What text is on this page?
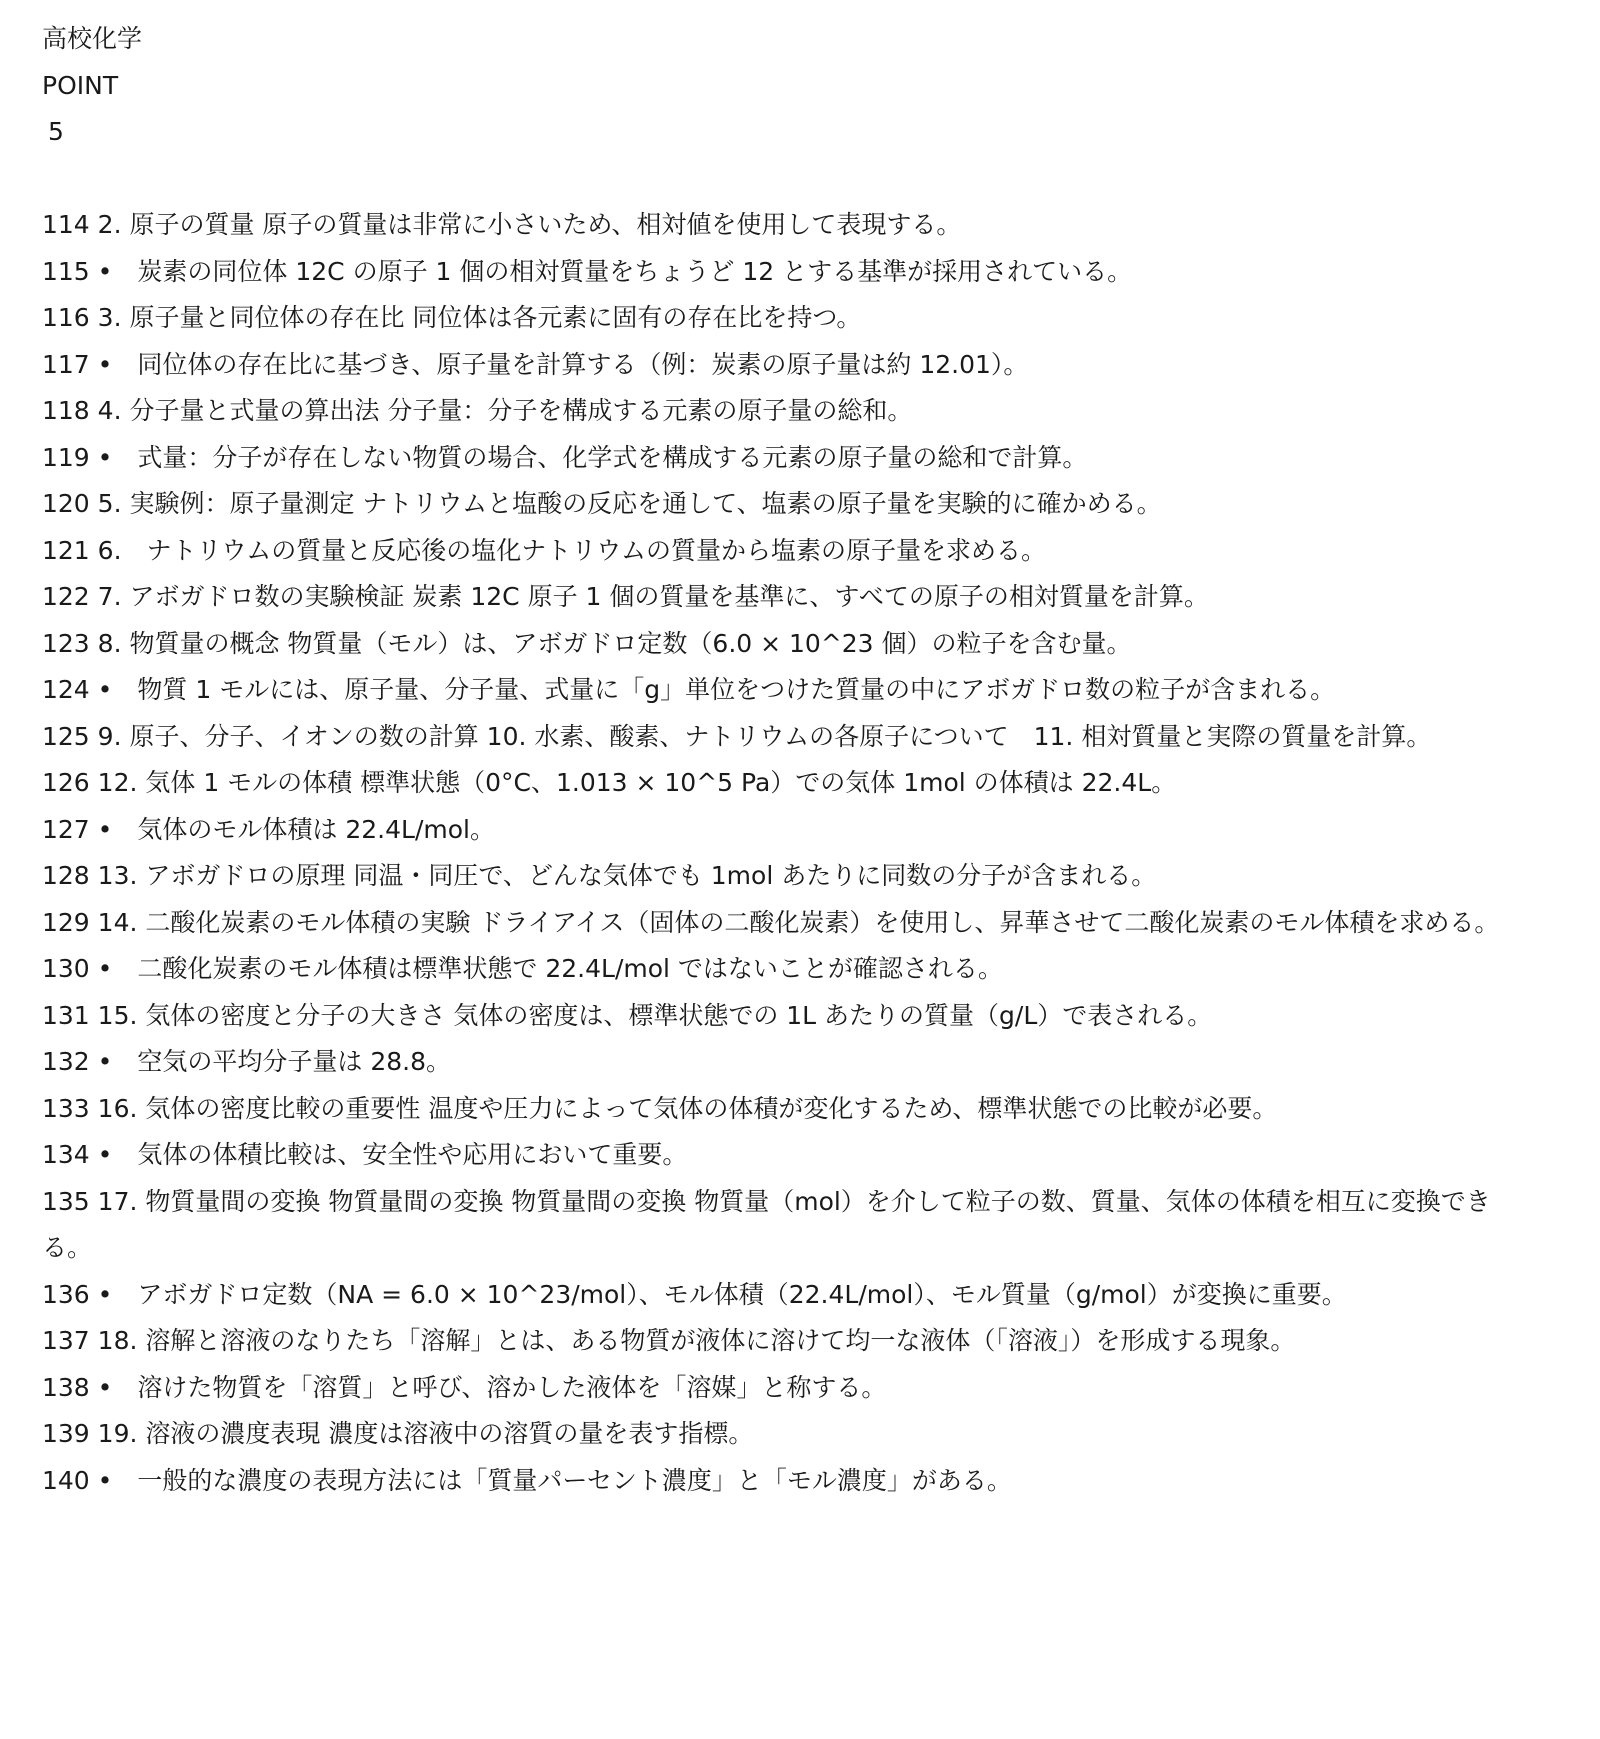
高校化学
POINT
5
114 2. 原子の質量 原子の質量は非常に小さいため、相対値を使用して表現する。
115 •　炭素の同位体 12C の原子 1 個の相対質量をちょうど 12 とする基準が採用されている。
116 3. 原子量と同位体の存在比 同位体は各元素に固有の存在比を持つ。
117 •　同位体の存在比に基づき、原子量を計算する（例：炭素の原子量は約 12.01）。
118 4. 分子量と式量の算出法 分子量：分子を構成する元素の原子量の総和。
119 •　式量：分子が存在しない物質の場合、化学式を構成する元素の原子量の総和で計算。
120 5. 実験例：原子量測定 ナトリウムと塩酸の反応を通して、塩素の原子量を実験的に確かめる。
121 6.　ナトリウムの質量と反応後の塩化ナトリウムの質量から塩素の原子量を求める。
122 7. アボガドロ数の実験検証 炭素 12C 原子 1 個の質量を基準に、すべての原子の相対質量を計算。
123 8. 物質量の概念 物質量（モル）は、アボガドロ定数（6.0 × 10^23 個）の粒子を含む量。
124 •　物質 1 モルには、原子量、分子量、式量に「g」単位をつけた質量の中にアボガドロ数の粒子が含まれる。
125 9. 原子、分子、イオンの数の計算 10. 水素、酸素、ナトリウムの各原子について　11. 相対質量と実際の質量を計算。
126 12. 気体 1 モルの体積 標準状態（0°C、1.013 × 10^5 Pa）での気体 1mol の体積は 22.4L。
127 •　気体のモル体積は 22.4L/mol。
128 13. アボガドロの原理 同温・同圧で、どんな気体でも 1mol あたりに同数の分子が含まれる。
129 14. 二酸化炭素のモル体積の実験 ドライアイス（固体の二酸化炭素）を使用し、昇華させて二酸化炭素のモル体積を求める。
130 •　二酸化炭素のモル体積は標準状態で 22.4L/mol ではないことが確認される。
131 15. 気体の密度と分子の大きさ 気体の密度は、標準状態での 1L あたりの質量（g/L）で表される。
132 •　空気の平均分子量は 28.8。
133 16. 気体の密度比較の重要性 温度や圧力によって気体の体積が変化するため、標準状態での比較が必要。
134 •　気体の体積比較は、安全性や応用において重要。
135 17. 物質量間の変換 物質量間の変換 物質量間の変換 物質量（mol）を介して粒子の数、質量、気体の体積を相互に変換できる。
136 •　アボガドロ定数（NA = 6.0 × 10^23/mol）、モル体積（22.4L/mol）、モル質量（g/mol）が変換に重要。
137 18. 溶解と溶液のなりたち「溶解」とは、ある物質が液体に溶けて均一な液体（「溶液」）を形成する現象。
138 •　溶けた物質を「溶質」と呼び、溶かした液体を「溶媒」と称する。
139 19. 溶液の濃度表現 濃度は溶液中の溶質の量を表す指標。
140 •　一般的な濃度の表現方法には「質量パーセント濃度」と「モル濃度」がある。
